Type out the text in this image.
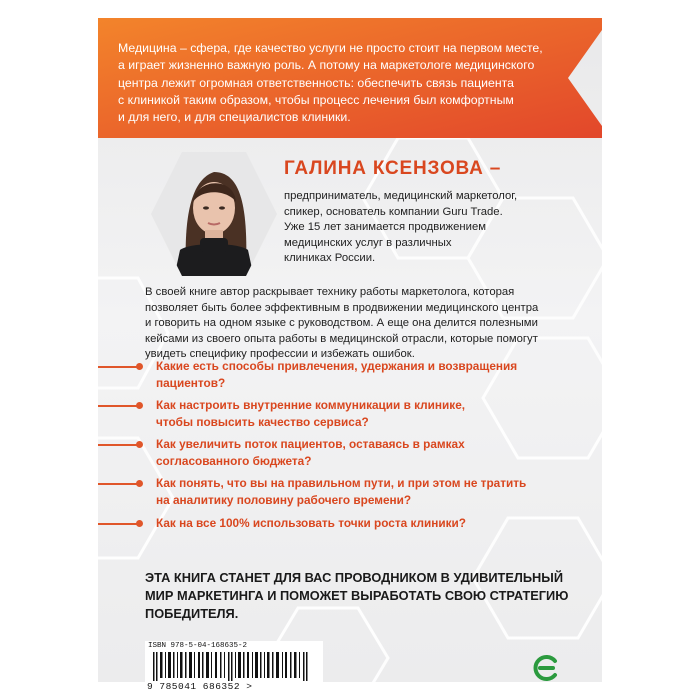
Медицина – сфера, где качество услуги не просто стоит на первом месте,

а играет жизненно важную роль. А потому на маркетологе медицинского

центра лежит огромная ответственность: обеспечить связь пациента

с клиникой таким образом, чтобы процесс лечения был комфортным

и для него, и для специалистов клиники.

ГАЛИНА КСЕНЗОВА –

предприниматель, медицинский маркетолог,

спикер, основатель компании Guru Trade.

Уже 15 лет занимается продвижением

медицинских услуг в различных

клиниках России.

В своей книге автор раскрывает технику работы маркетолога, которая

позволяет быть более эффективным в продвижении медицинского центра

и говорить на одном языке с руководством. А еще она делится полезными

кейсами из своего опыта работы в медицинской отрасли, которые помогут

увидеть специфику профессии и избежать ошибок.

Какие есть способы привлечения, удержания и возвращения
пациентов?
Как настроить внутренние коммуникации в клинике,
чтобы повысить качество сервиса?
Как увеличить поток пациентов, оставаясь в рамках
согласованного бюджета?
Как понять, что вы на правильном пути, и при этом не тратить
на аналитику половину рабочего времени?
Как на все 100% использовать точки роста клиники?

ЭТА КНИГА СТАНЕТ ДЛЯ ВАС ПРОВОДНИКОМ В УДИВИТЕЛЬНЫЙ

МИР МАРКЕТИНГА И ПОМОЖЕТ ВЫРАБОТАТЬ СВОЮ СТРАТЕГИЮ

ПОБЕДИТЕЛЯ.

ISBN 978-5-04-168635-2
9 785041 686352 >
